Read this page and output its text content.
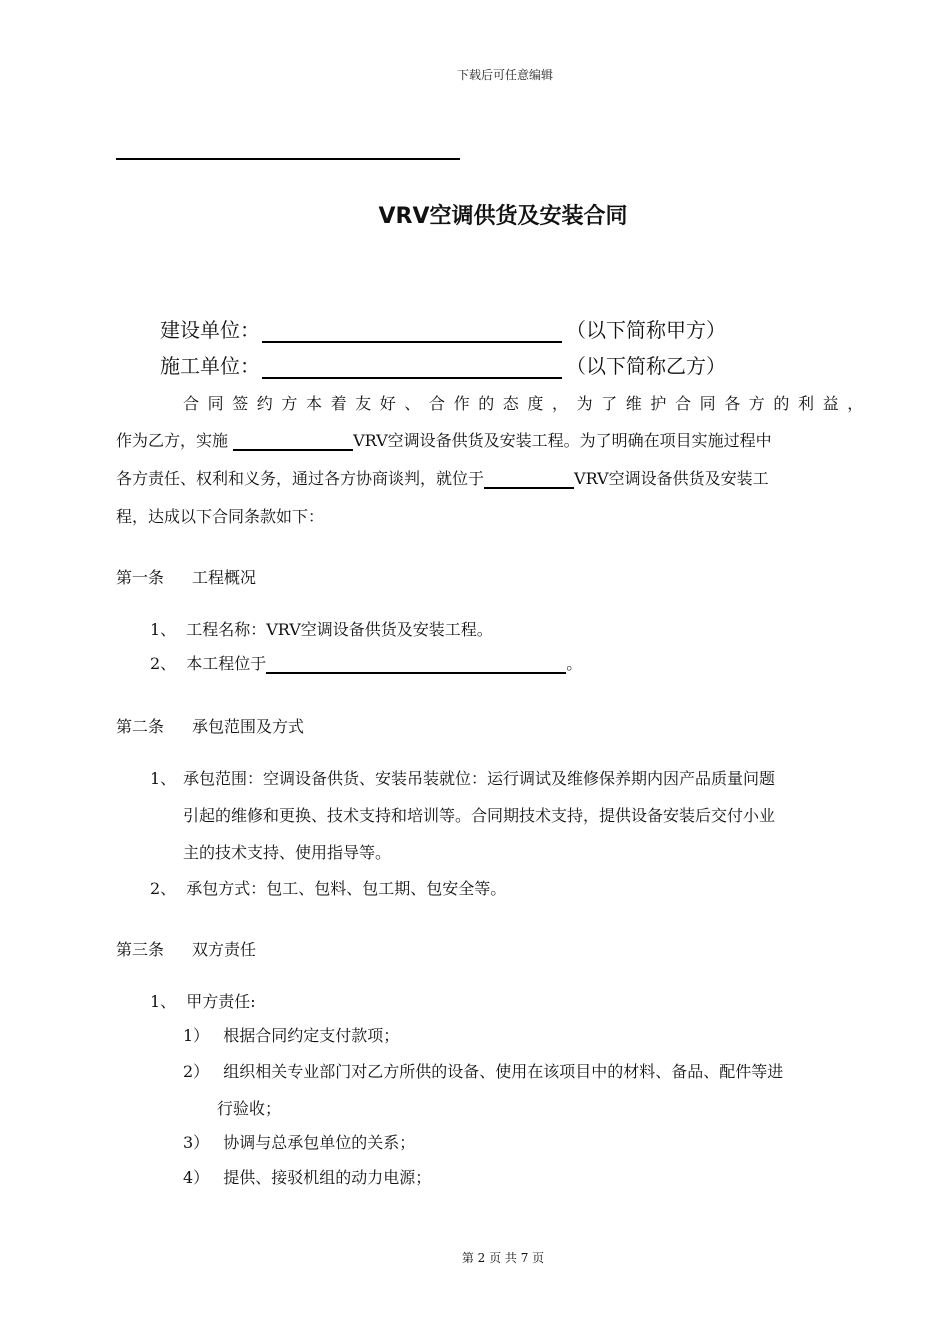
下载后可任意编辑
VRV空调供货及安装合同
建设单位：	（以下简称甲方）
施工单位：	（以下简称乙方）
合同签约方本着友好、合作的态度，为了维护合同各方的利益，
作为乙方，实施	VRV空调设备供货及安装工程。为了明确在项目实施过程中
各方责任、权利和义务，通过各方协商谈判，就位于	VRV空调设备供货及安装工
程，达成以下合同条款如下：
第一条 工程概况
1、 工程名称：VRV空调设备供货及安装工程。
2、 本工程位于	。
第二条 承包范围及方式
1、 承包范围：空调设备供货、安装吊装就位：运行调试及维修保养期内因产品质量问题
引起的维修和更换、技术支持和培训等。合同期技术支持，提供设备安装后交付小业
主的技术支持、使用指导等。
2、 承包方式：包工、包料、包工期、包安全等。
第三条 双方责任
1、 甲方责任:
1） 根据合同约定支付款项；
2） 组织相关专业部门对乙方所供的设备、使用在该项目中的材料、备品、配件等进
行验收；
3） 协调与总承包单位的关系；
4） 提供、接驳机组的动力电源；
第 2 页 共 7 页
